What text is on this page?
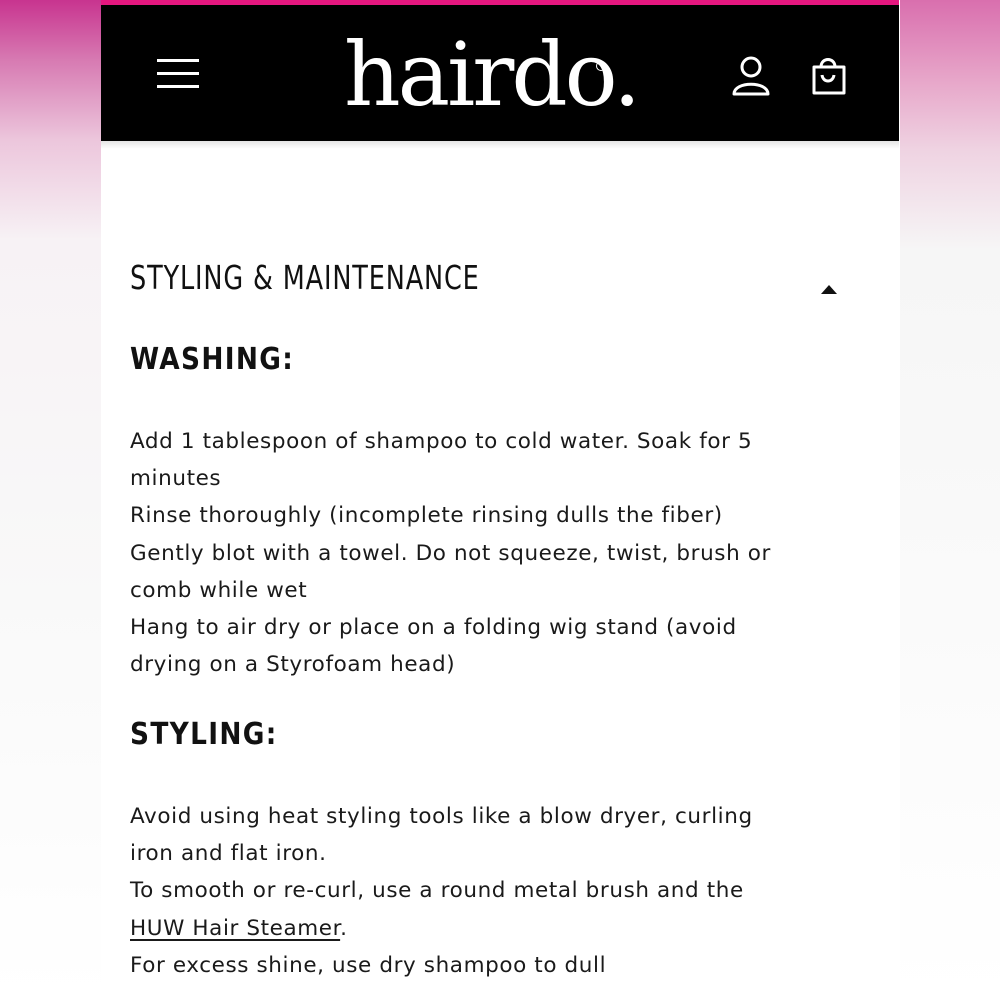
hairdo.
STYLING & MAINTENANCE
WASHING:
Add 1 tablespoon of shampoo to cold water. Soak for 5
minutes
Rinse thoroughly (incomplete rinsing dulls the fiber)
Gently blot with a towel. Do not squeeze, twist, brush or
comb while wet
Hang to air dry or place on a folding wig stand (avoid
drying on a Styrofoam head)
STYLING:
Avoid using heat styling tools like a blow dryer, curling
iron and flat iron.
To smooth or re-curl, use a round metal brush and the
HUW Hair Steamer.
For excess shine, use dry shampoo to dull
